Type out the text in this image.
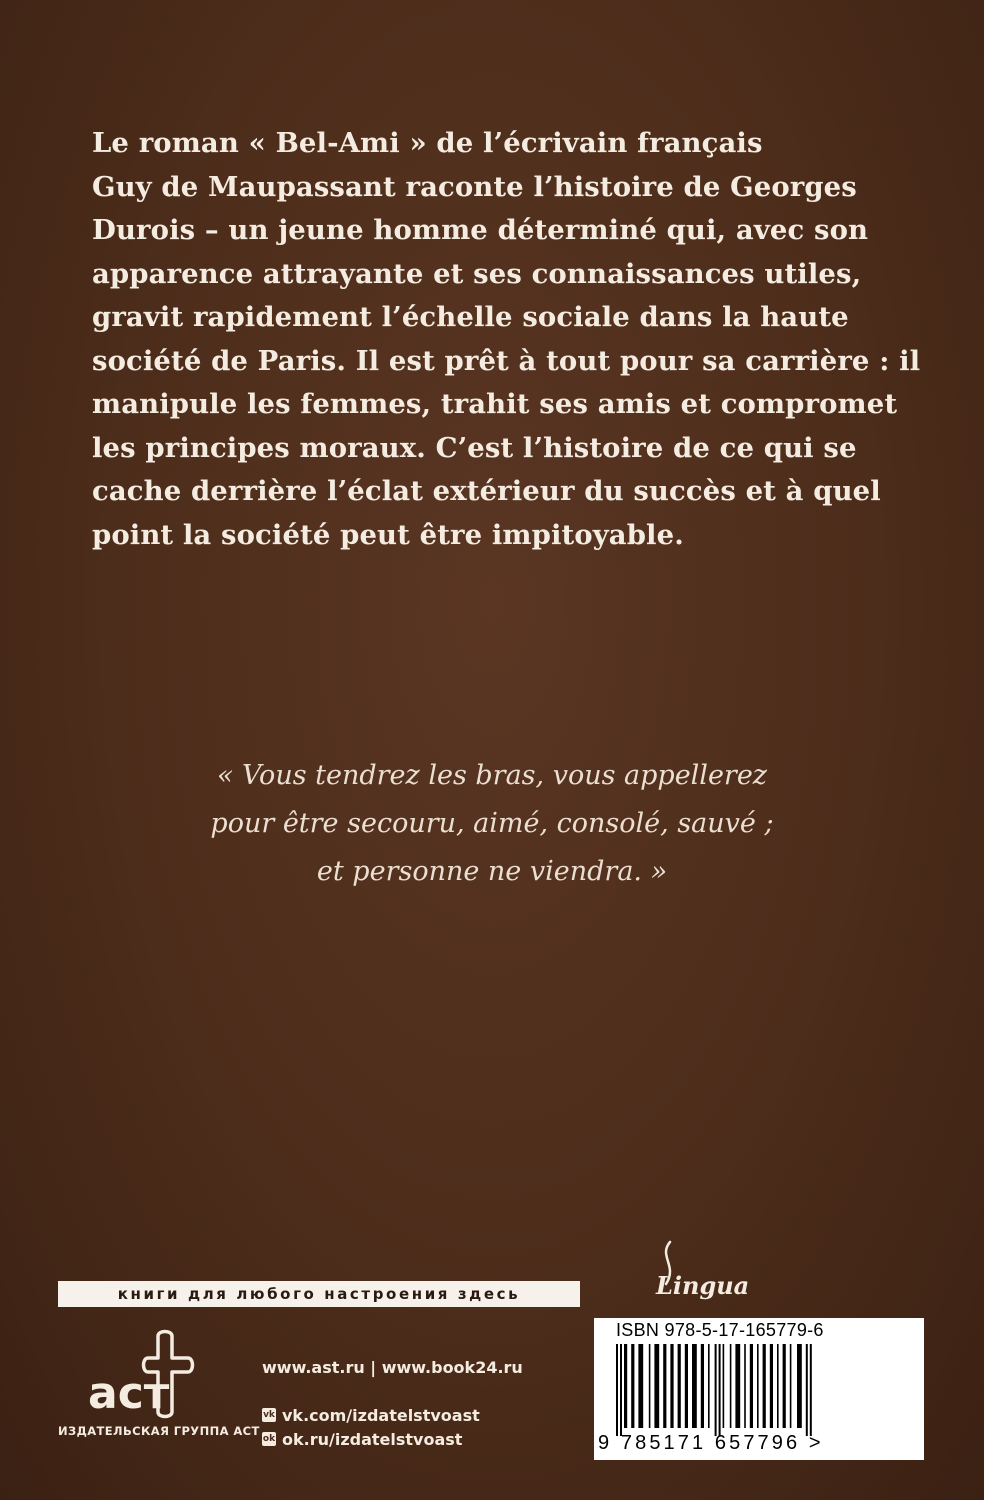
Le roman « Bel-Ami » de l’écrivain français
Guy de Maupassant raconte l’histoire de Georges
Durois – un jeune homme déterminé qui, avec son
apparence attrayante et ses connaissances utiles,
gravit rapidement l’échelle sociale dans la haute
société de Paris. Il est prêt à tout pour sa carrière : il
manipule les femmes, trahit ses amis et compromet
les principes moraux. C’est l’histoire de ce qui se
cache derrière l’éclat extérieur du succès et à quel
point la société peut être impitoyable.
« Vous tendrez les bras, vous appellerez
pour être secouru, aimé, consolé, sauvé ;
et personne ne viendra. »
книги для любого настроения здесь
аст
ИЗДАТЕЛЬСКАЯ ГРУППА АСТ
www.ast.ru | www.book24.ru
vk vk.com/izdatelstvoast
ok ok.ru/izdatelstvoast
Lingua
ISBN 978-5-17-165779-6
9 785171 657796 >
